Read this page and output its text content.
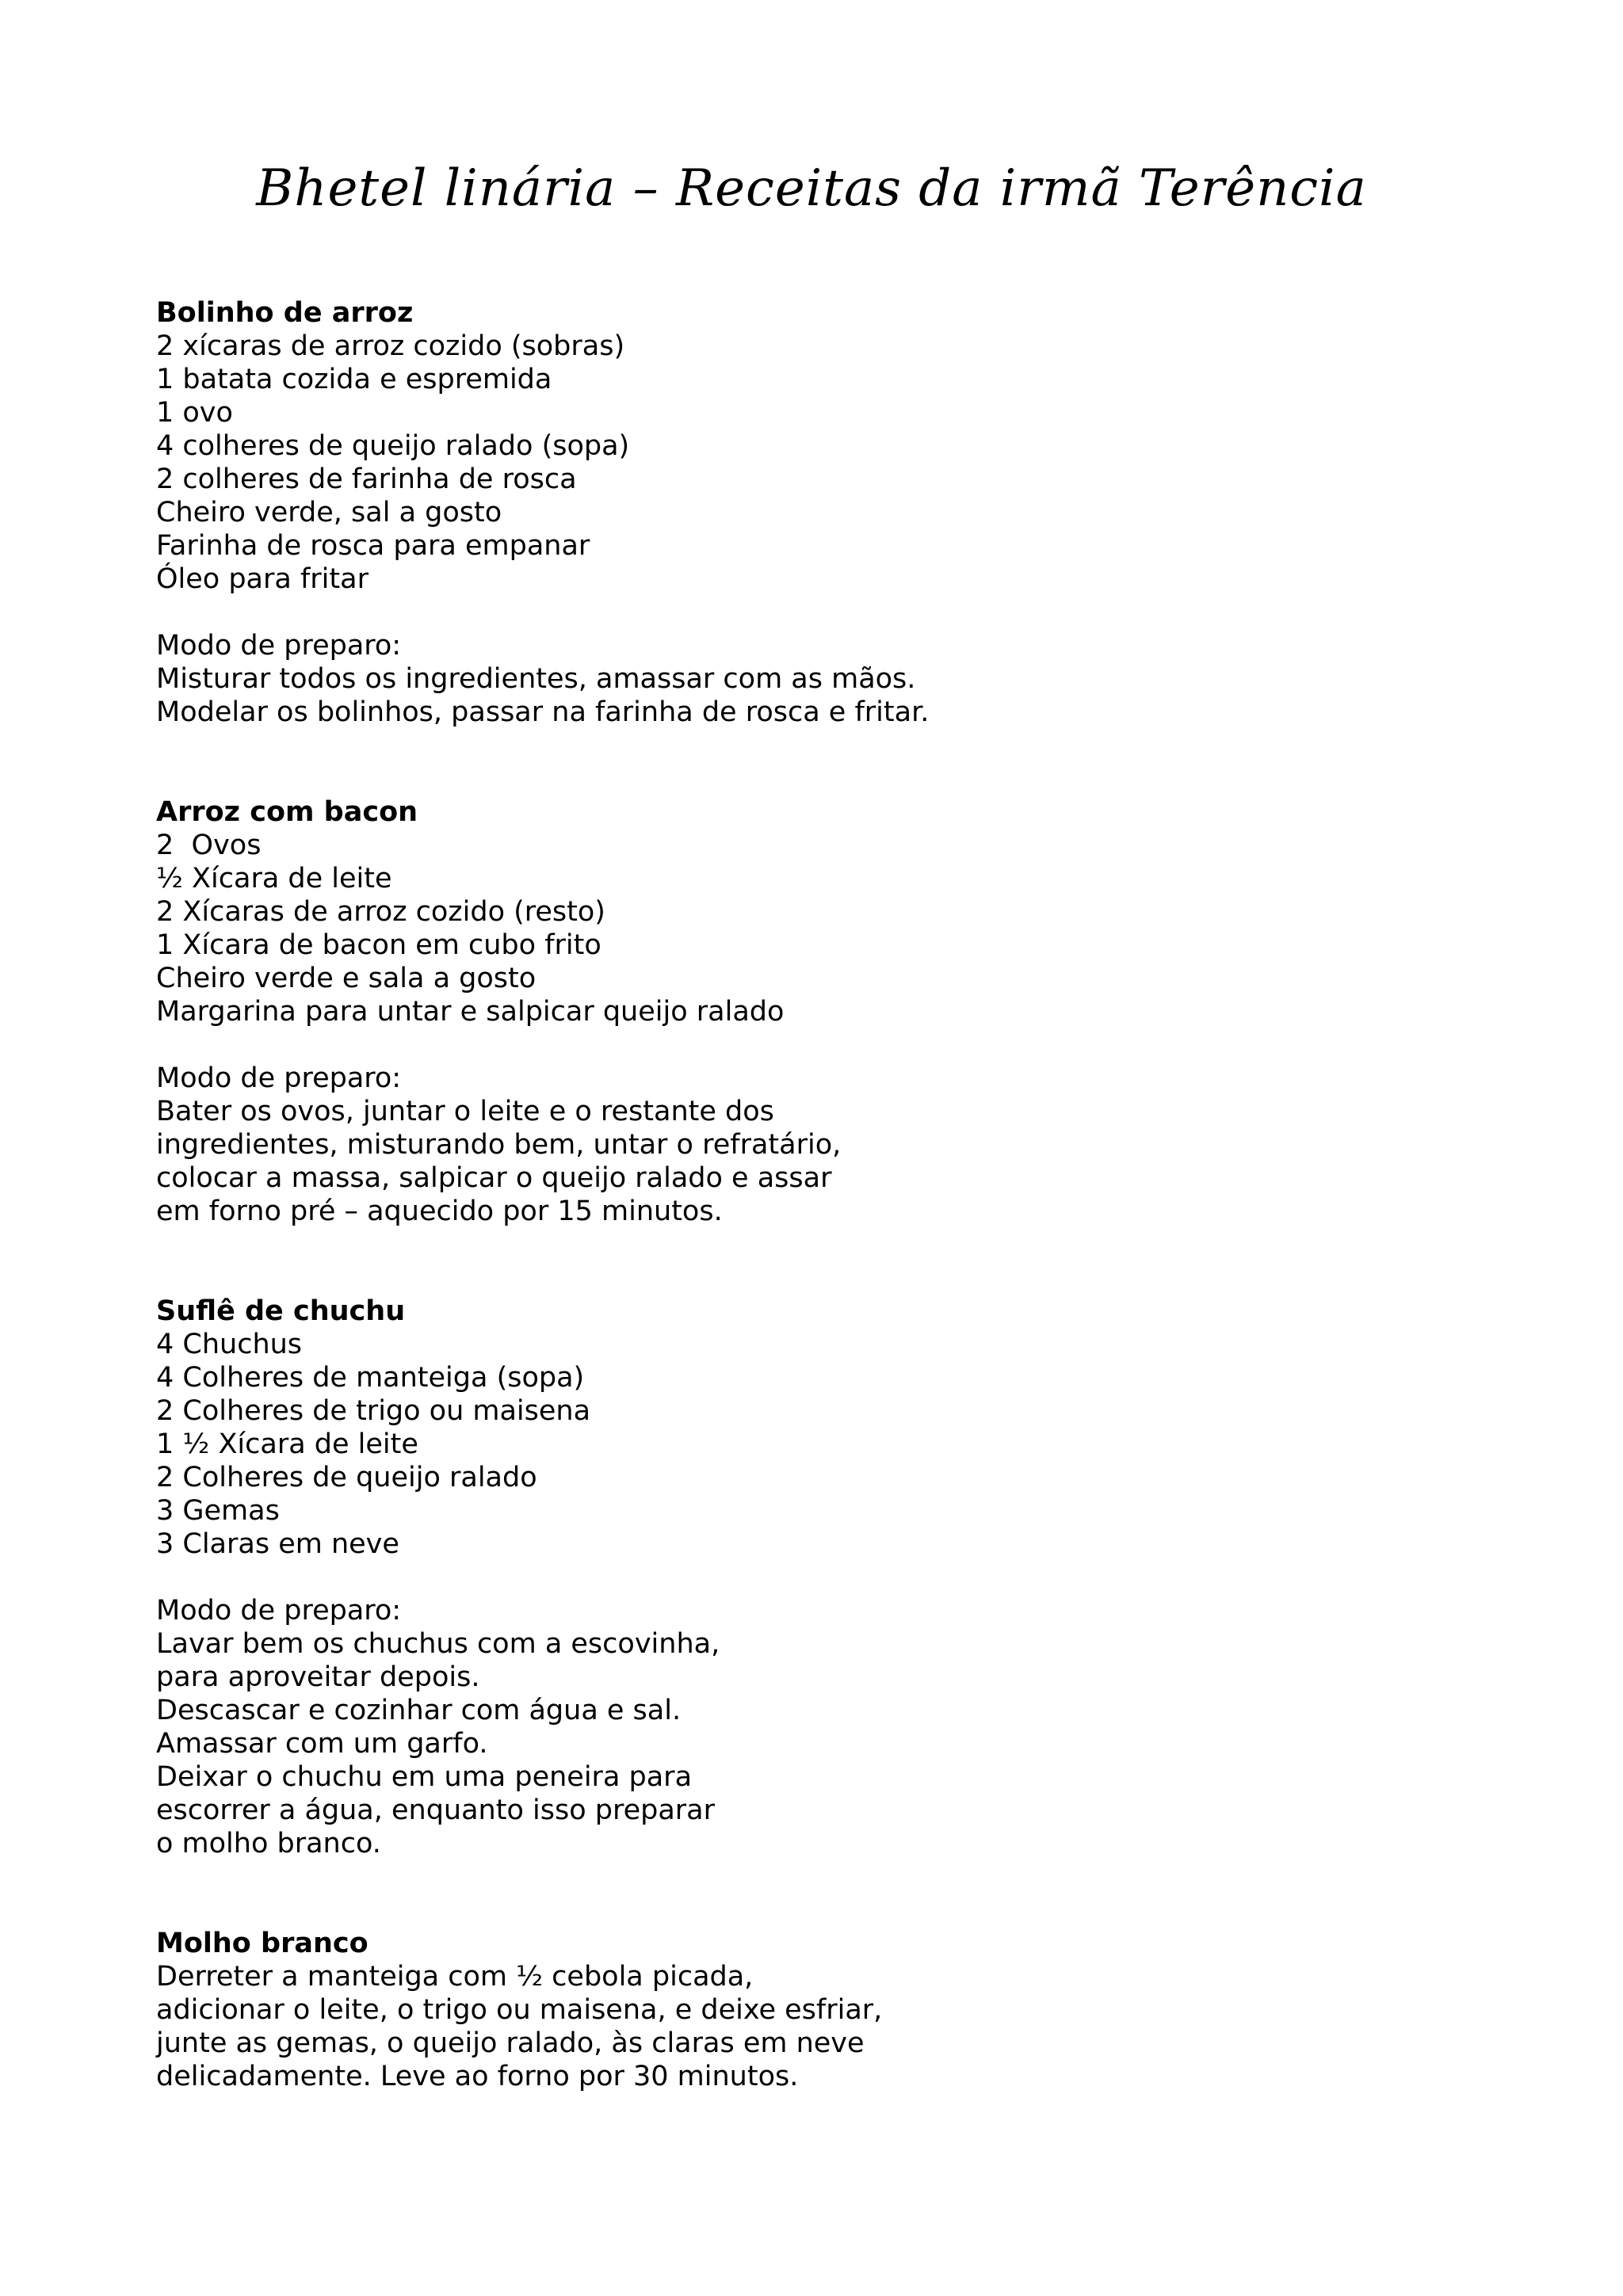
Bhetel linária – Receitas da irmã Terência

Bolinho de arroz

2 xícaras de arroz cozido (sobras)

1 batata cozida e espremida

1 ovo

4 colheres de queijo ralado (sopa)

2 colheres de farinha de rosca

Cheiro verde, sal a gosto

Farinha de rosca para empanar

Óleo para fritar

Modo de preparo:

Misturar todos os ingredientes, amassar com as mãos.

Modelar os bolinhos, passar na farinha de rosca e fritar.

Arroz com bacon

2  Ovos

½ Xícara de leite

2 Xícaras de arroz cozido (resto)

1 Xícara de bacon em cubo frito

Cheiro verde e sala a gosto

Margarina para untar e salpicar queijo ralado

Modo de preparo:

Bater os ovos, juntar o leite e o restante dos

ingredientes, misturando bem, untar o refratário,

colocar a massa, salpicar o queijo ralado e assar

em forno pré – aquecido por 15 minutos.

Suflê de chuchu

4 Chuchus

4 Colheres de manteiga (sopa)

2 Colheres de trigo ou maisena

1 ½ Xícara de leite

2 Colheres de queijo ralado

3 Gemas

3 Claras em neve

Modo de preparo:

Lavar bem os chuchus com a escovinha,

para aproveitar depois.

Descascar e cozinhar com água e sal.

Amassar com um garfo.

Deixar o chuchu em uma peneira para

escorrer a água, enquanto isso preparar

o molho branco.

Molho branco

Derreter a manteiga com ½ cebola picada,

adicionar o leite, o trigo ou maisena, e deixe esfriar,

junte as gemas, o queijo ralado, às claras em neve

delicadamente. Leve ao forno por 30 minutos.
